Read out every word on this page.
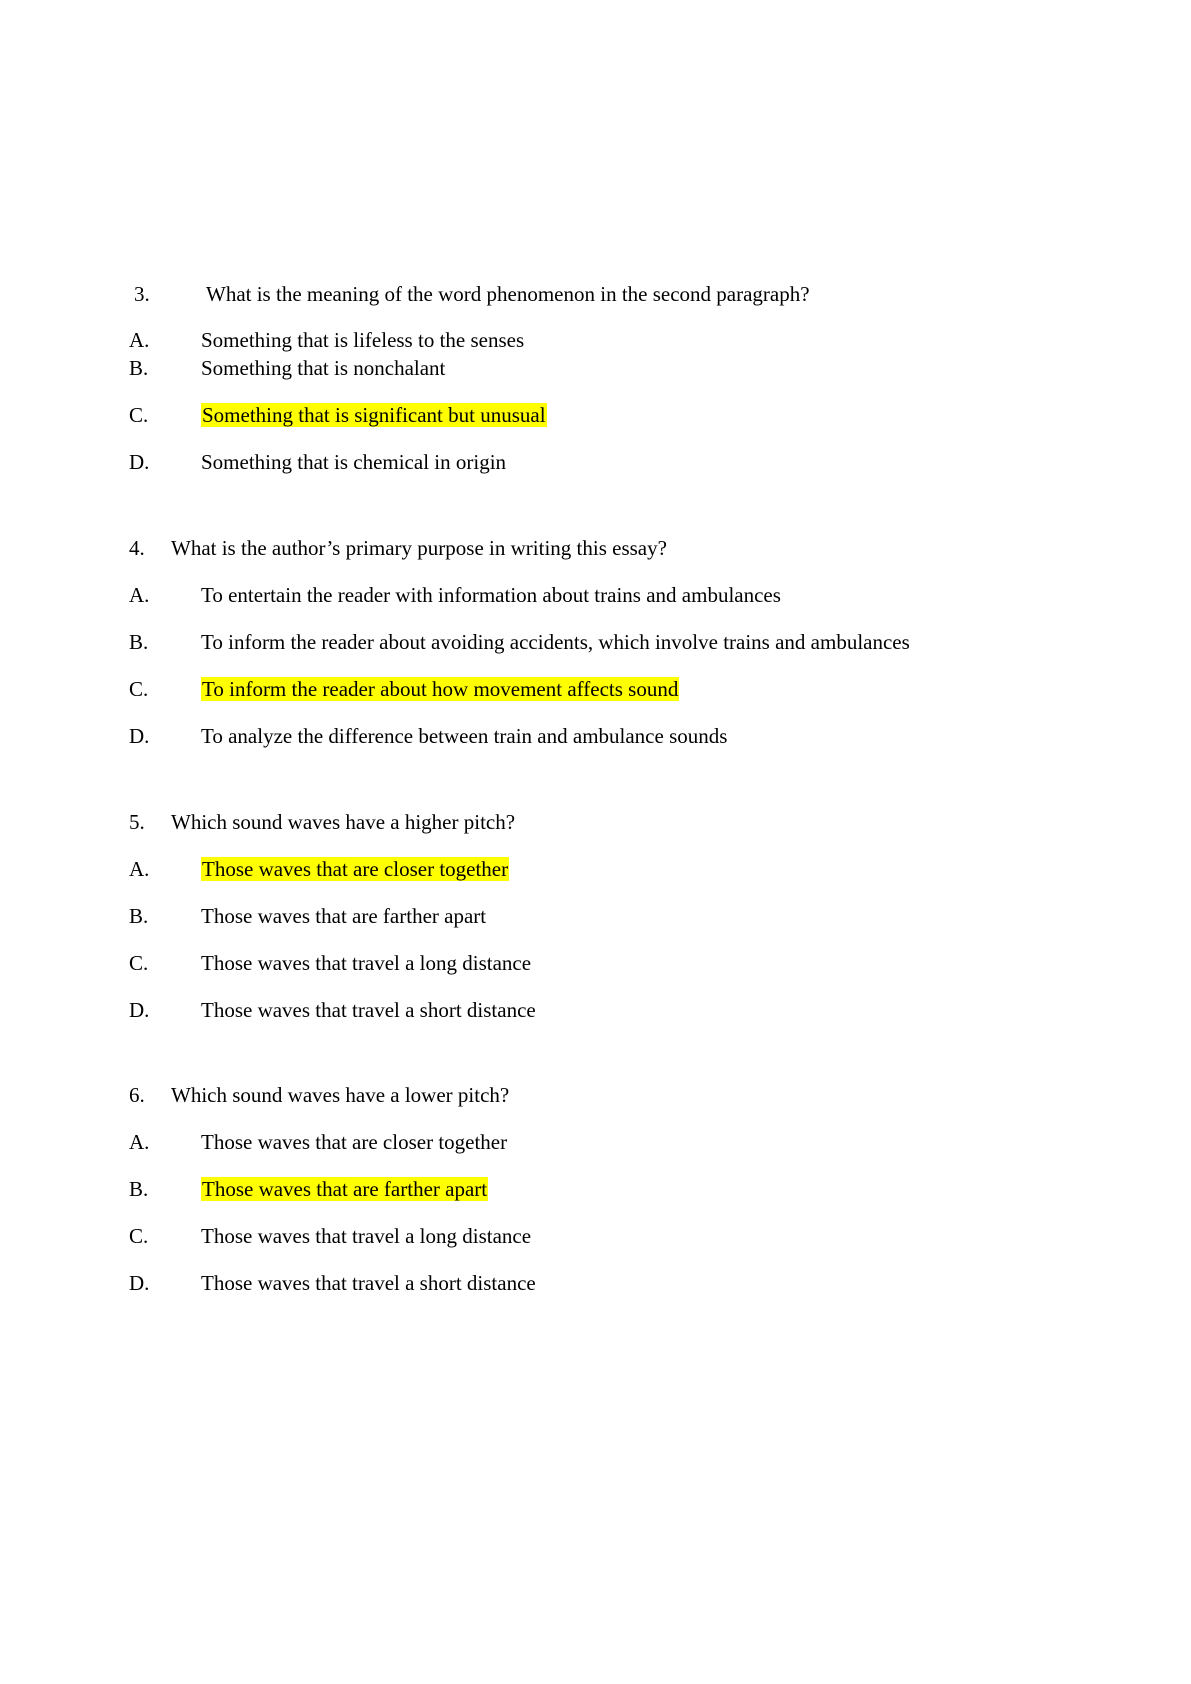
3.	What is the meaning of the word phenomenon in the second paragraph?
A. Something that is lifeless to the senses
B.	Something that is nonchalant
C.	Something that is significant but unusual
D. Something that is chemical in origin
4. What is the author’s primary purpose in writing this essay?
A. To entertain the reader with information about trains and ambulances
B.	To inform the reader about avoiding accidents, which involve trains and ambulances
C.	To inform the reader about how movement affects sound
D. To analyze the difference between train and ambulance sounds
5. Which sound waves have a higher pitch?
A.	Those waves that are closer together
B.	Those waves that are farther apart
C.	Those waves that travel a long distance
D. Those waves that travel a short distance
6. Which sound waves have a lower pitch?
A. Those waves that are closer together
B.	Those waves that are farther apart
C.	Those waves that travel a long distance
D. Those waves that travel a short distance
